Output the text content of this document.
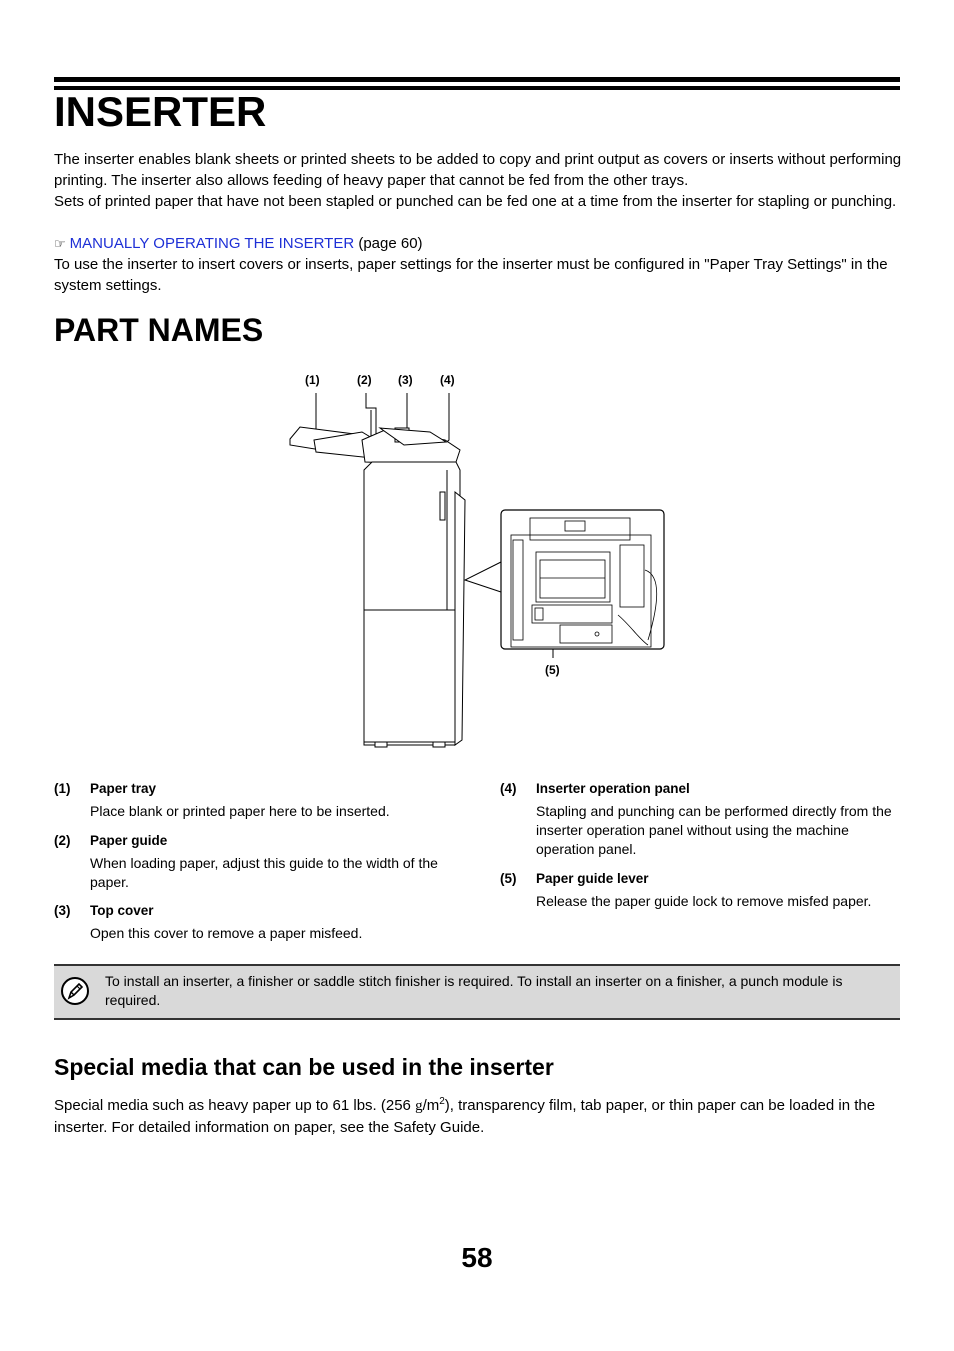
INSERTER

The inserter enables blank sheets or printed sheets to be added to copy and print output as covers or inserts without performing printing. The inserter also allows feeding of heavy paper that cannot be fed from the other trays.

Sets of printed paper that have not been stapled or punched can be fed one at a time from the inserter for stapling or punching.

☞ MANUALLY OPERATING THE INSERTER (page 60)

To use the inserter to insert covers or inserts, paper settings for the inserter must be configured in "Paper Tray Settings" in the system settings.

PART NAMES
(1)	(2) (3) (4)
(5)
(1) Paper tray
Place blank or printed paper here to be inserted.
(2) Paper guide
When loading paper, adjust this guide to the width of the paper.
(3) Top cover
Open this cover to remove a paper misfeed.
(4) Inserter operation panel
Stapling and punching can be performed directly from the inserter operation panel without using the machine operation panel.
(5) Paper guide lever
Release the paper guide lock to remove misfed paper.
To install an inserter, a finisher or saddle stitch finisher is required. To install an inserter on a finisher, a punch module is required.
Special media that can be used in the inserter

Special media such as heavy paper up to 61 lbs. (256 $g/m^2$), transparency film, tab paper, or thin paper can be loaded in the inserter. For detailed information on paper, see the Safety Guide.

58
